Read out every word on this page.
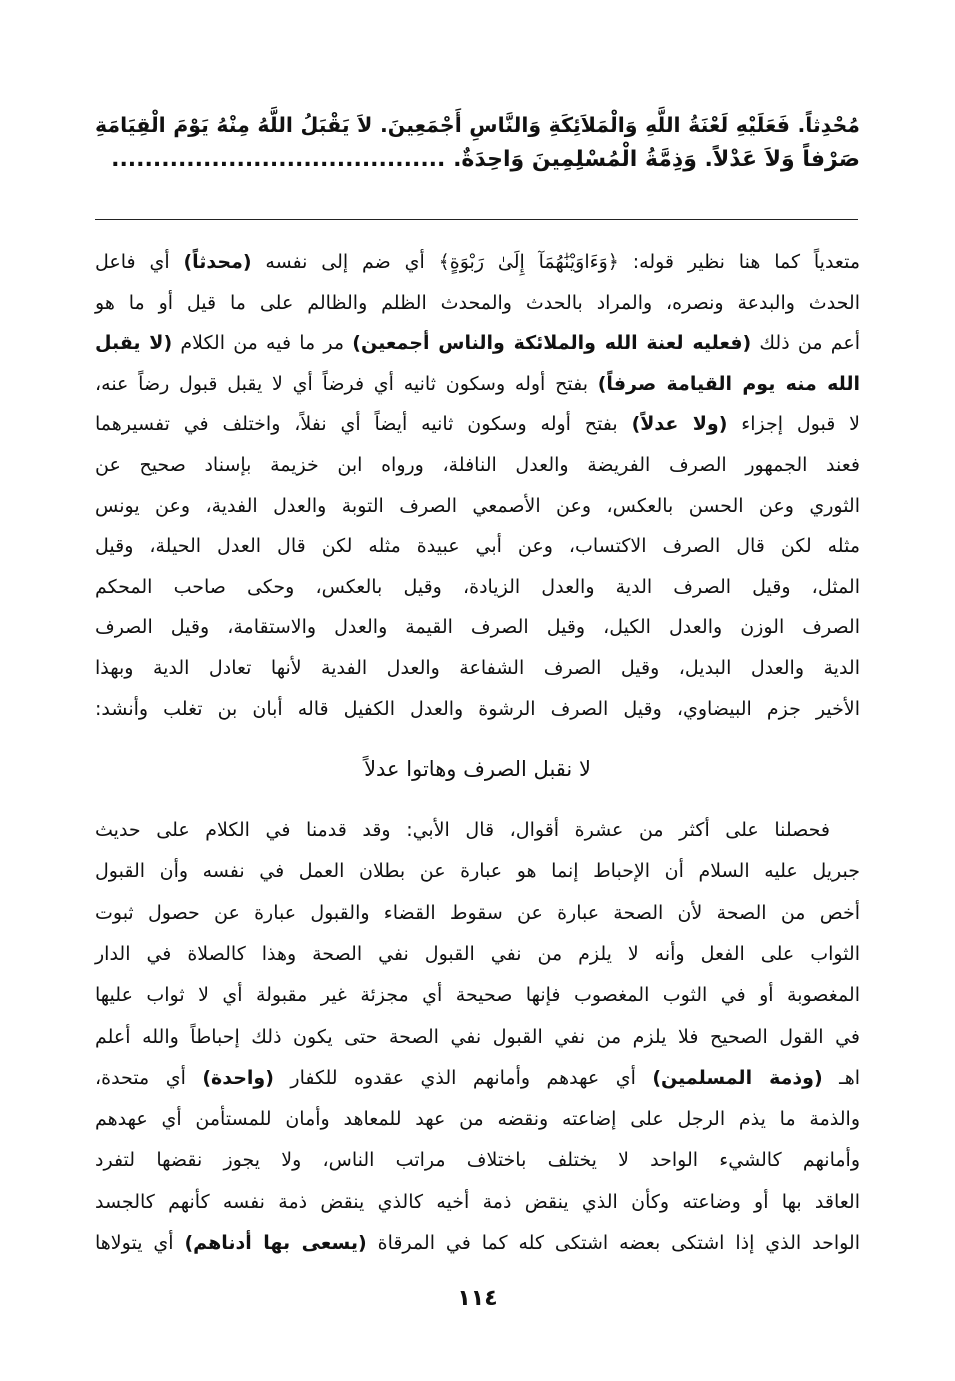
مُحْدِثاً. فَعَلَيْهِ لَعْنَةُ اللَّهِ وَالْمَلاَئِكَةِ وَالنَّاسِ أَجْمَعِينَ. لاَ يَقْبَلُ اللَّهُ مِنْهُ يَوْمَ الْقِيَامَةِ
صَرْفاً وَلاَ عَدْلاً. وَذِمَّةُ الْمُسْلِمِينَ وَاحِدَةٌ. ........................................
متعدياً كما هنا نظير قوله: ﴿وَءَاوَيْنَٰهُمَآ إِلَىٰ رَبْوَةٍ﴾ أي ضم إلى نفسه (محدثاً) أي فاعل
الحدث والبدعة ونصره، والمراد بالحدث والمحدث الظلم والظالم على ما قيل أو ما هو
أعم من ذلك (فعليه لعنة الله والملائكة والناس أجمعين) مر ما فيه من الكلام (لا يقبل
الله منه يوم القيامة صرفاً) بفتح أوله وسكون ثانيه أي فرضاً أي لا يقبل قبول رضاً عنه،
لا قبول إجزاء (ولا عدلاً) بفتح أوله وسكون ثانيه أيضاً أي نفلاً، واختلف في تفسيرهما
فعند الجمهور الصرف الفريضة والعدل النافلة، ورواه ابن خزيمة بإسناد صحيح عن
الثوري وعن الحسن بالعكس، وعن الأصمعي الصرف التوبة والعدل الفدية، وعن يونس
مثله لكن قال الصرف الاكتساب، وعن أبي عبيدة مثله لكن قال العدل الحيلة، وقيل
المثل، وقيل الصرف الدية والعدل الزيادة، وقيل بالعكس، وحكى صاحب المحكم
الصرف الوزن والعدل الكيل، وقيل الصرف القيمة والعدل والاستقامة، وقيل الصرف
الدية والعدل البديل، وقيل الصرف الشفاعة والعدل الفدية لأنها تعادل الدية وبهذا
الأخير جزم البيضاوي، وقيل الصرف الرشوة والعدل الكفيل قاله أبان بن تغلب وأنشد:
لا نقبل الصرف وهاتوا عدلاً
فحصلنا على أكثر من عشرة أقوال، قال الأبي: وقد قدمنا في الكلام على حديث
جبريل عليه السلام أن الإحباط إنما هو عبارة عن بطلان العمل في نفسه وأن القبول
أخص من الصحة لأن الصحة عبارة عن سقوط القضاء والقبول عبارة عن حصول ثبوت
الثواب على الفعل وأنه لا يلزم من نفي القبول نفي الصحة وهذا كالصلاة في الدار
المغصوبة أو في الثوب المغصوب فإنها صحيحة أي مجزئة غير مقبولة أي لا ثواب عليها
في القول الصحيح فلا يلزم من نفي القبول نفي الصحة حتى يكون ذلك إحباطاً والله أعلم
اهـ (وذمة المسلمين) أي عهدهم وأمانهم الذي عقدوه للكفار (واحدة) أي متحدة،
والذمة ما يذم الرجل على إضاعته ونقضه من عهد للمعاهد وأمان للمستأمن أي عهدهم
وأمانهم كالشيء الواحد لا يختلف باختلاف مراتب الناس، ولا يجوز نقضها لتفرد
العاقد بها أو وضاعته وكأن الذي ينقض ذمة أخيه كالذي ينقض ذمة نفسه كأنهم كالجسد
الواحد الذي إذا اشتكى بعضه اشتكى كله كما في المرقاة (يسعى بها أدناهم) أي يتولاها
١١٤
